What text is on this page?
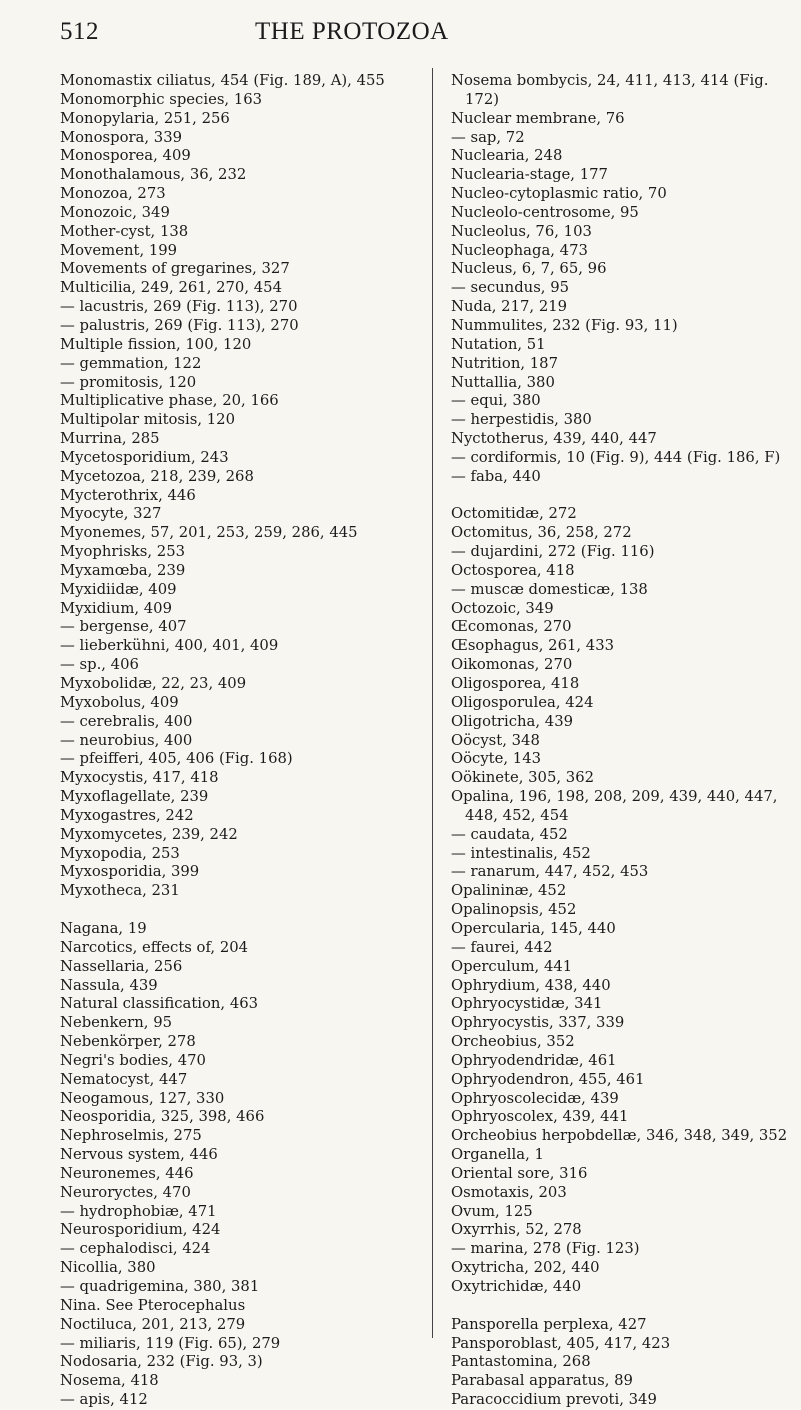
512	THE PROTOZOA
Monomastix ciliatus, 454 (Fig. 189, A), 455
Monomorphic species, 163
Monopylaria, 251, 256
Monospora, 339
Monosporea, 409
Monothalamous, 36, 232
Monozoa, 273
Monozoic, 349
Mother-cyst, 138
Movement, 199
Movements of gregarines, 327
Multicilia, 249, 261, 270, 454
— lacustris, 269 (Fig. 113), 270
— palustris, 269 (Fig. 113), 270
Multiple fission, 100, 120
— gemmation, 122
— promitosis, 120
Multiplicative phase, 20, 166
Multipolar mitosis, 120
Murrina, 285
Mycetosporidium, 243
Mycetozoa, 218, 239, 268
Mycterothrix, 446
Myocyte, 327
Myonemes, 57, 201, 253, 259, 286, 445
Myophrisks, 253
Myxamœba, 239
Myxidiidæ, 409
Myxidium, 409
— bergense, 407
— lieberkühni, 400, 401, 409
— sp., 406
Myxobolidæ, 22, 23, 409
Myxobolus, 409
— cerebralis, 400
— neurobius, 400
— pfeifferi, 405, 406 (Fig. 168)
Myxocystis, 417, 418
Myxoflagellate, 239
Myxogastres, 242
Myxomycetes, 239, 242
Myxopodia, 253
Myxosporidia, 399
Myxotheca, 231
Nagana, 19
Narcotics, effects of, 204
Nassellaria, 256
Nassula, 439
Natural classification, 463
Nebenkern, 95
Nebenkörper, 278
Negri's bodies, 470
Nematocyst, 447
Neogamous, 127, 330
Neosporidia, 325, 398, 466
Nephroselmis, 275
Nervous system, 446
Neuronemes, 446
Neuroryctes, 470
— hydrophobiæ, 471
Neurosporidium, 424
— cephalodisci, 424
Nicollia, 380
— quadrigemina, 380, 381
Nina. See Pterocephalus
Noctiluca, 201, 213, 279
— miliaris, 119 (Fig. 65), 279
Nodosaria, 232 (Fig. 93, 3)
Nosema, 418
— apis, 412
Nosema bombycis, 24, 411, 413, 414 (Fig. 172)
Nuclear membrane, 76
— sap, 72
Nuclearia, 248
Nuclearia-stage, 177
Nucleo-cytoplasmic ratio, 70
Nucleolo-centrosome, 95
Nucleolus, 76, 103
Nucleophaga, 473
Nucleus, 6, 7, 65, 96
— secundus, 95
Nuda, 217, 219
Nummulites, 232 (Fig. 93, 11)
Nutation, 51
Nutrition, 187
Nuttallia, 380
— equi, 380
— herpestidis, 380
Nyctotherus, 439, 440, 447
— cordiformis, 10 (Fig. 9), 444 (Fig. 186, F)
— faba, 440
Octomitidæ, 272
Octomitus, 36, 258, 272
— dujardini, 272 (Fig. 116)
Octosporea, 418
— muscæ domesticæ, 138
Octozoic, 349
Œcomonas, 270
Œsophagus, 261, 433
Oikomonas, 270
Oligosporea, 418
Oligosporulea, 424
Oligotricha, 439
Oöcyst, 348
Oöcyte, 143
Oökinete, 305, 362
Opalina, 196, 198, 208, 209, 439, 440, 447, 448, 452, 454
— caudata, 452
— intestinalis, 452
— ranarum, 447, 452, 453
Opalininæ, 452
Opalinopsis, 452
Opercularia, 145, 440
— faurei, 442
Operculum, 441
Ophrydium, 438, 440
Ophryocystidæ, 341
Ophryocystis, 337, 339
Orcheobius, 352
Ophryodendridæ, 461
Ophryodendron, 455, 461
Ophryoscolecidæ, 439
Ophryoscolex, 439, 441
Orcheobius herpobdellæ, 346, 348, 349, 352
Organella, 1
Oriental sore, 316
Osmotaxis, 203
Ovum, 125
Oxyrrhis, 52, 278
— marina, 278 (Fig. 123)
Oxytricha, 202, 440
Oxytrichidæ, 440
Pansporella perplexa, 427
Pansporoblast, 405, 417, 423
Pantastomina, 268
Parabasal apparatus, 89
Paracoccidium prevoti, 349
